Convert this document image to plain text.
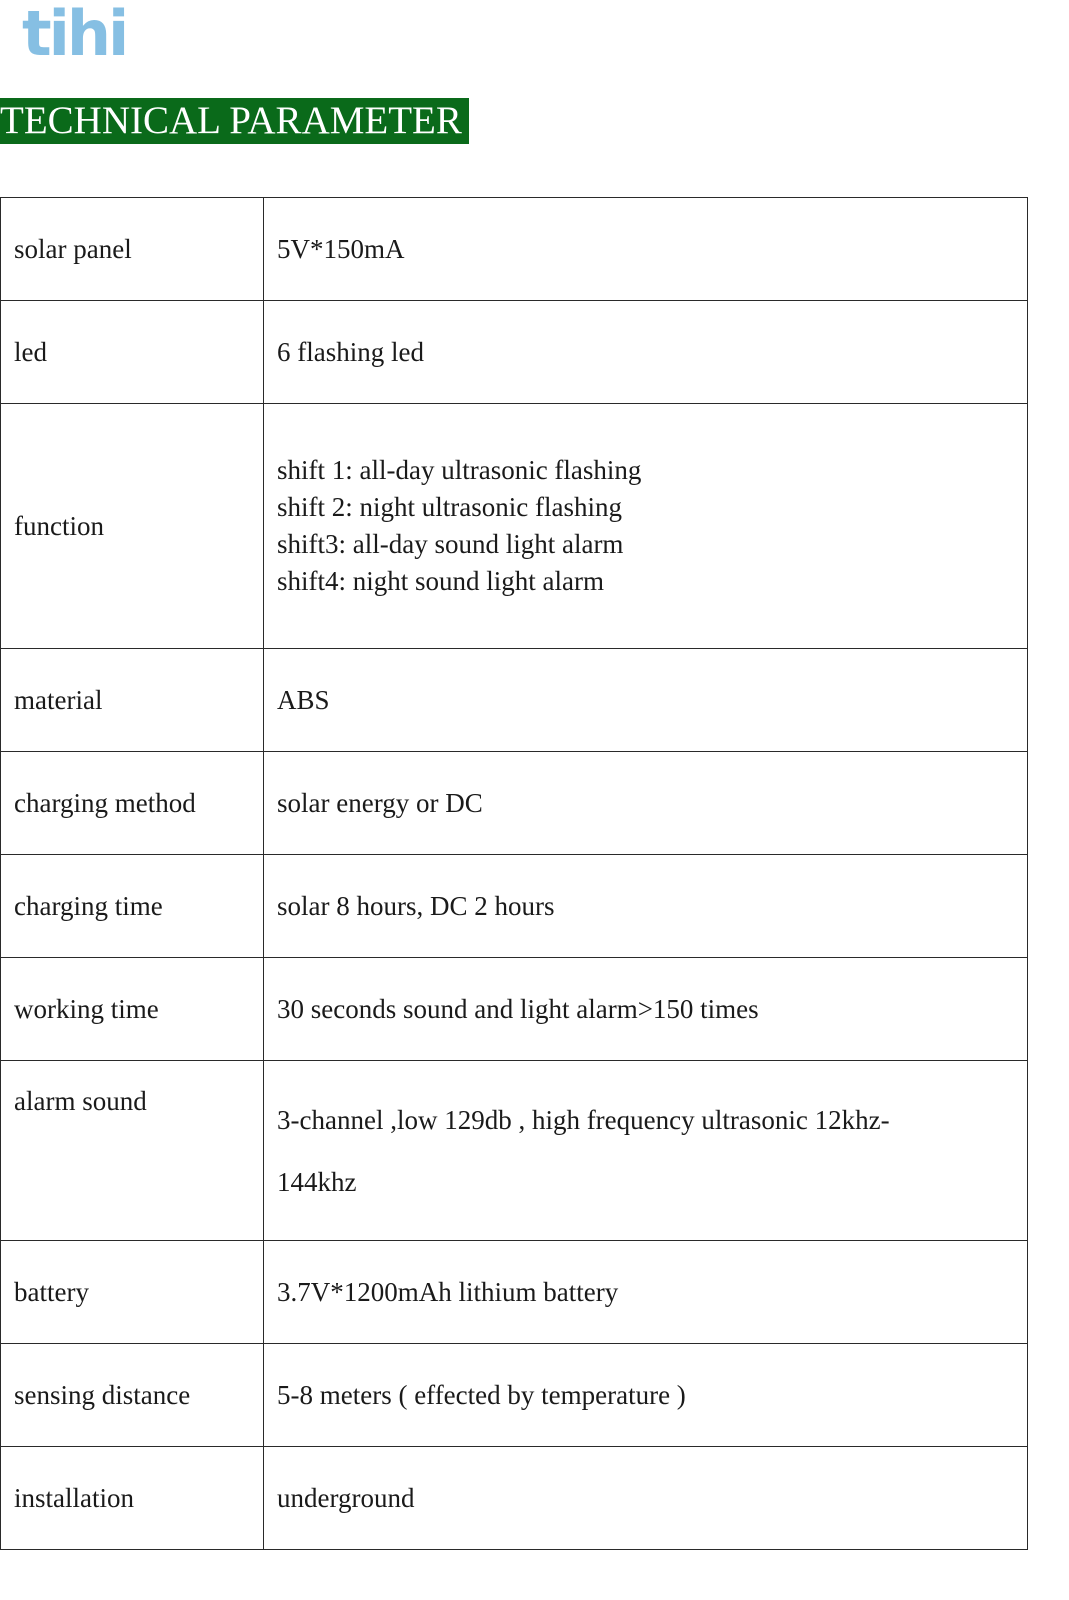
tihi
TECHNICAL PARAMETER
solar panel	5V*150mA
led	6 flashing led
function	shift 1: all-day ultrasonic flashing
shift 2: night ultrasonic flashing
shift3: all-day sound light alarm
shift4: night sound light alarm

material	ABS
charging method	solar energy or DC
charging time	solar 8 hours, DC 2 hours
working time	30 seconds sound and light alarm>150 times
alarm sound	3-channel ,low 129db , high frequency ultrasonic 12khz-
144khz

battery	3.7V*1200mAh lithium battery
sensing distance	5-8 meters ( effected by temperature )
installation	underground
